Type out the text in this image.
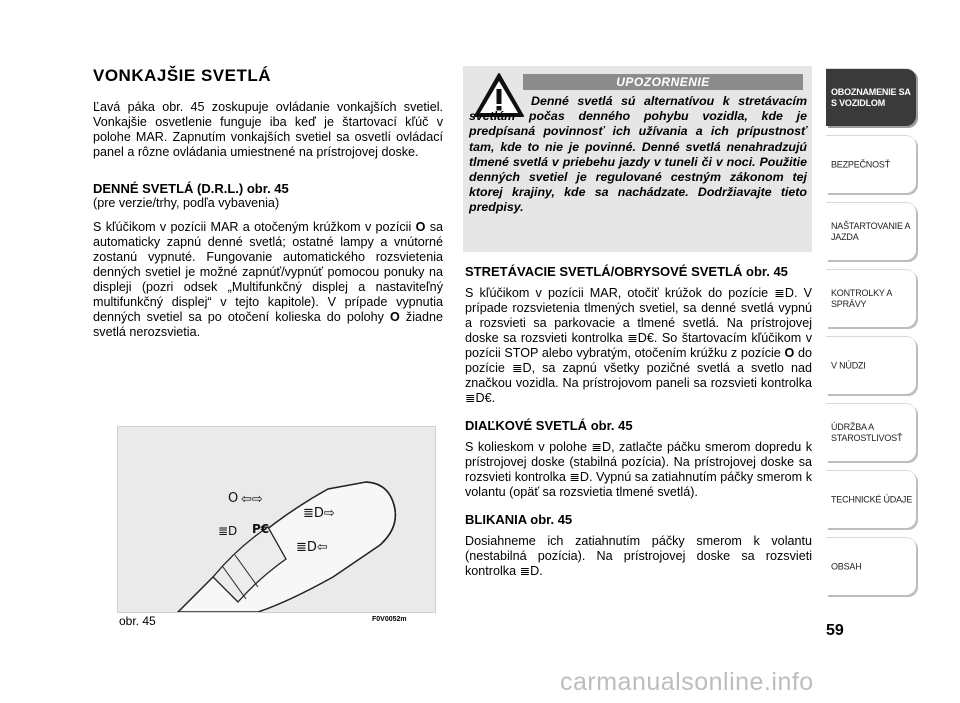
VONKAJŠIE SVETLÁ

Ľavá páka obr. 45 zoskupuje ovládanie vonkajších svetiel. Vonkajšie osvetlenie funguje iba keď je štartovací kľúč v polohe MAR. Zapnutím vonkajších svetiel sa osvetlí ovládací panel a rôzne ovládania umiestnené na prístrojovej doske.

DENNÉ SVETLÁ (D.R.L.) obr. 45

(pre verzie/trhy, podľa vybavenia)

S kľúčikom v pozícii MAR a otočeným krúžkom v pozícii O sa automaticky zapnú denné svetlá; ostatné lampy a vnútorné zostanú vypnuté. Fungovanie automatického rozsvietenia denných svetiel je možné zapnúť/vypnúť pomocou ponuky na displeji (pozri odsek „Multifunkčný displej a nastaviteľný multifunkčný displej“ v tejto kapitole). V prípade vypnutia denných svetiel sa po otočení kolieska do polohy O žiadne svetlá nerozsvietia.

UPOZORNENIE
Denné svetlá sú alternatívou k stretávacím svetlám počas denného pohybu vozidla, kde je predpísaná povinnosť ich užívania a ich prípustnosť tam, kde to nie je povinné. Denné svetlá nenahradzujú tlmené svetlá v priebehu jazdy v tuneli či v noci. Použitie denných svetiel je regulované cestným zákonom tej ktorej krajiny, kde sa nachádzate. Dodržiavajte tieto predpisy.
STRETÁVACIE SVETLÁ/OBRYSOVÉ SVETLÁ obr. 45

S kľúčikom v pozícii MAR, otočiť krúžok do pozície ≣D. V prípade rozsvietenia tlmených svetiel, sa denné svetlá vypnú a rozsvieti sa parkovacie a tlmené svetlá. Na prístrojovej doske sa rozsvieti kontrolka ≣D€. So štartovacím kľúčikom v pozícii STOP alebo vybratým, otočením krúžku z pozície O do pozície ≣D, sa zapnú všetky pozičné svetlá a svetlo nad značkou vozidla. Na prístrojovom paneli sa rozsvieti kontrolka ≣D€.

DIAĽKOVÉ SVETLÁ obr. 45

S kolieskom v polohe ≣D, zatlačte páčku smerom dopredu k prístrojovej doske (stabilná pozícia). Na prístrojovej doske sa rozsvieti kontrolka ≣D. Vypnú sa zatiahnutím páčky smerom k volantu (opäť sa rozsvietia tlmené svetlá).

BLIKANIA obr. 45

Dosiahneme ich zatiahnutím páčky smerom k volantu (nestabilná pozícia). Na prístrojovej doske sa rozsvieti kontrolka ≣D.

O
≣D
⇦⇨
P€
≣D⇨
≣D⇦
obr. 45	F0V0052m
OBOZNAMENIE SA S VOZIDLOM
BEZPEČNOSŤ
NAŠTARTOVANIE A JAZDA
KONTROLKY A SPRÁVY
V NÚDZI
ÚDRŽBA A STAROSTLIVOSŤ
TECHNICKÉ ÚDAJE
OBSAH
59
carmanualsonline.info
